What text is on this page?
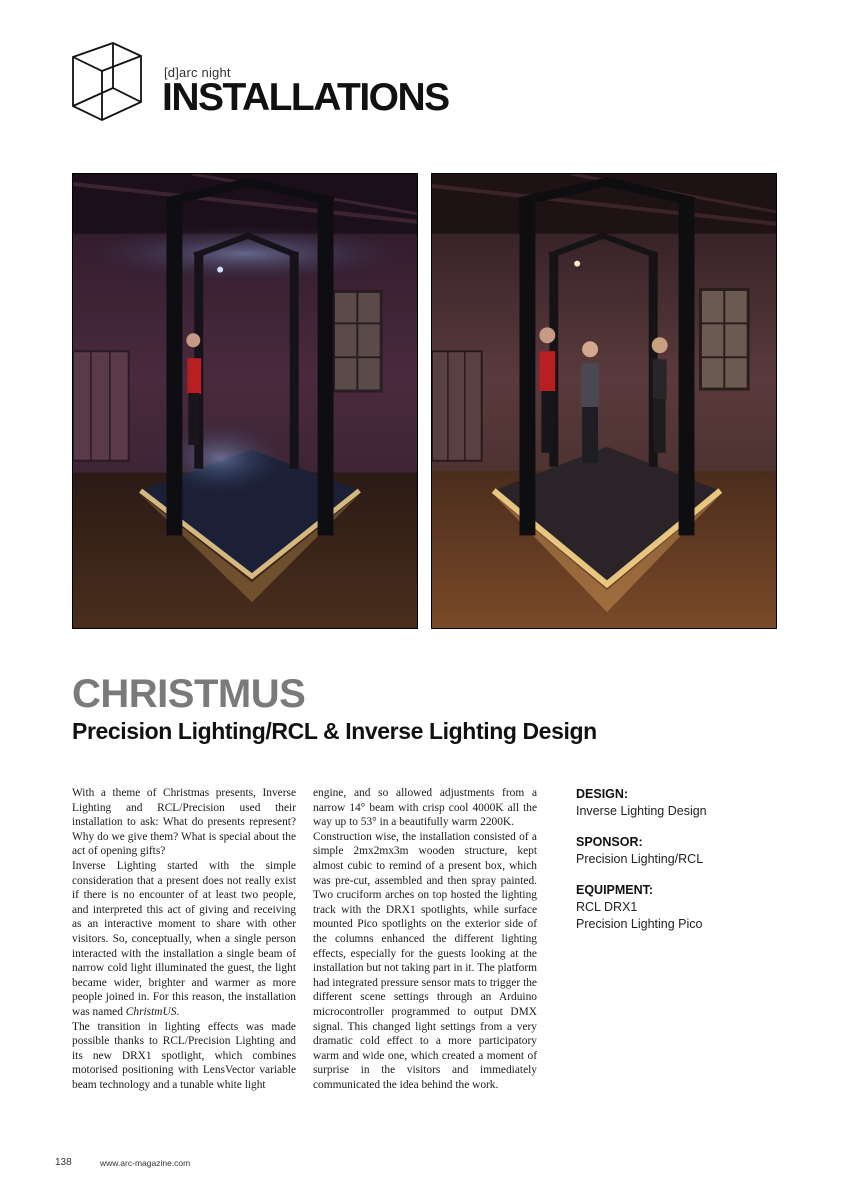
[d]arc night
INSTALLATIONS
CHRISTMUS
Precision Lighting/RCL & Inverse Lighting Design

With a theme of Christmas presents, Inverse Lighting and RCL/Precision used their installation to ask: What do presents represent? Why do we give them? What is special about the act of opening gifts?

Inverse Lighting started with the simple consideration that a present does not really exist if there is no encounter of at least two people, and interpreted this act of giving and receiving as an interactive moment to share with other visitors. So, conceptually, when a single person interacted with the installation a single beam of narrow cold light illuminated the guest, the light became wider, brighter and warmer as more people joined in. For this reason, the installation was named ChristmUS.

The transition in lighting effects was made possible thanks to RCL/Precision Lighting and its new DRX1 spotlight, which combines motorised positioning with LensVector variable beam technology and a tunable white light

engine, and so allowed adjustments from a narrow 14° beam with crisp cool 4000K all the way up to 53° in a beautifully warm 2200K.

Construction wise, the installation consisted of a simple 2mx2mx3m wooden structure, kept almost cubic to remind of a present box, which was pre-cut, assembled and then spray painted. Two cruciform arches on top hosted the lighting track with the DRX1 spotlights, while surface mounted Pico spotlights on the exterior side of the columns enhanced the different lighting effects, especially for the guests looking at the installation but not taking part in it. The platform had integrated pressure sensor mats to trigger the different scene settings through an Arduino microcontroller programmed to output DMX signal. This changed light settings from a very dramatic cold effect to a more participatory warm and wide one, which created a moment of surprise in the visitors and immediately communicated the idea behind the work.

DESIGN:
Inverse Lighting Design
SPONSOR:
Precision Lighting/RCL
EQUIPMENT:
RCL DRX1
Precision Lighting Pico
138	www.arc-magazine.com
